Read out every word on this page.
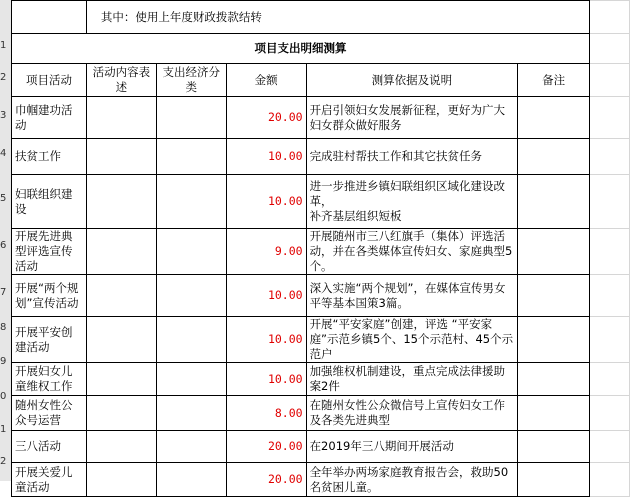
1
2
3
4
5
6
7
8
9
0
1
2
	其中：使用上年度财政拨款结转					
项目支出明细测算						
项目活动	活动内容表述	支出经济分类	金额	测算依据及说明	备注	
巾帼建功活动			20.00	开启引领妇女发展新征程，更好为广大妇女群众做好服务		
扶贫工作			10.00	完成驻村帮扶工作和其它扶贫任务		
妇联组织建设			10.00	进一步推进乡镇妇联组织区域化建设改革，
补齐基层组织短板		
开展先进典型评选宣传活动			9.00	开展随州市三八红旗手（集体）评选活动，并在各类媒体宣传妇女、家庭典型5个。		
开展“两个规划”宣传活动			10.00	深入实施“两个规划”，在媒体宣传男女平等基本国策3篇。		
开展平安创建活动			10.00	开展“平安家庭”创建，评选 “平安家庭”示范乡镇5个、15个示范村、45个示范户		
开展妇女儿童维权工作			10.00	加强维权机制建设，重点完成法律援助案2件		
随州女性公众号运营			8.00	在随州女性公众微信号上宣传妇女工作及各类先进典型		
三八活动			20.00	在2019年三八期间开展活动		
开展关爱儿童活动			20.00	全年举办两场家庭教育报告会，救助50名贫困儿童。		
